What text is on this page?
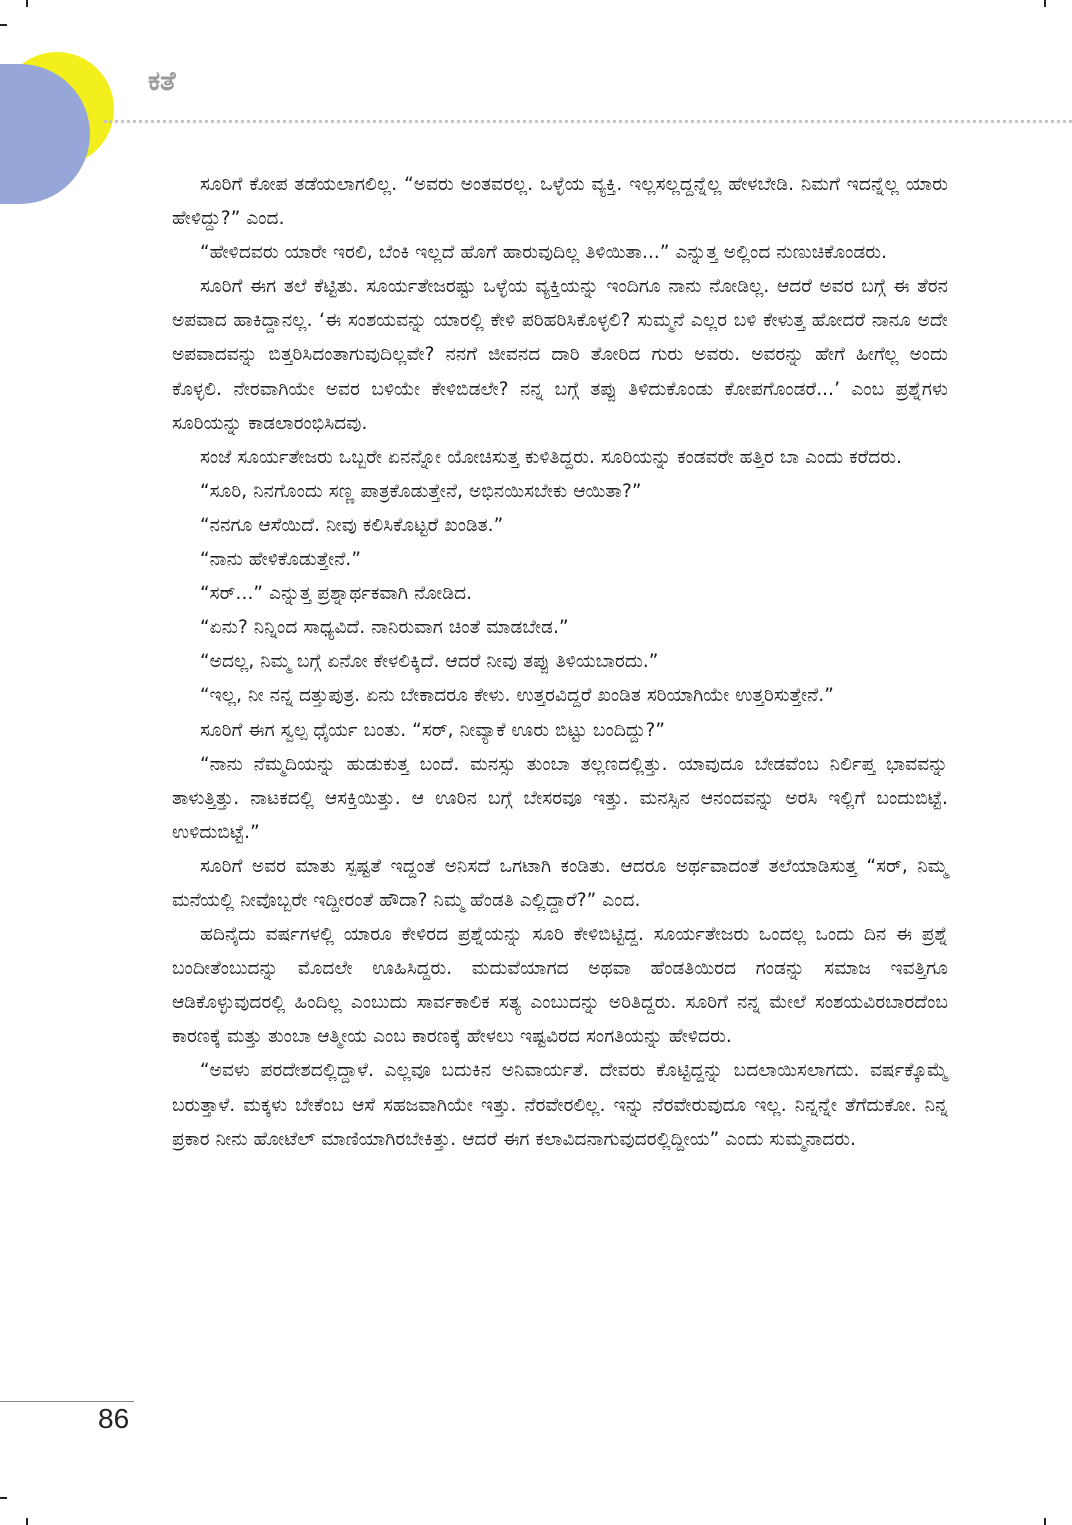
ಕತೆ

ಸೂರಿಗೆ ಕೋಪ ತಡೆಯಲಾಗಲಿಲ್ಲ. “ಅವರು ಅಂತವರಲ್ಲ. ಒಳ್ಳೆಯ ವ್ಯಕ್ತಿ. ಇಲ್ಲಸಲ್ಲದ್ದನ್ನೆಲ್ಲ ಹೇಳಬೇಡಿ. ನಿಮಗೆ ಇದನ್ನೆಲ್ಲ ಯಾರು ಹೇಳಿದ್ದು?” ಎಂದ.

“ಹೇಳಿದವರು ಯಾರೇ ಇರಲಿ, ಬೆಂಕಿ ಇಲ್ಲದೆ ಹೊಗೆ ಹಾರುವುದಿಲ್ಲ ತಿಳಿಯಿತಾ...” ಎನ್ನುತ್ತ ಅಲ್ಲಿಂದ ನುಣುಚಿಕೊಂಡರು.

ಸೂರಿಗೆ ಈಗ ತಲೆ ಕೆಟ್ಟಿತು. ಸೂರ್ಯತೇಜರಷ್ಟು ಒಳ್ಳೆಯ ವ್ಯಕ್ತಿಯನ್ನು ಇಂದಿಗೂ ನಾನು ನೋಡಿಲ್ಲ. ಆದರೆ ಅವರ ಬಗ್ಗೆ ಈ ತೆರನ ಅಪವಾದ ಹಾಕಿದ್ದಾನಲ್ಲ. ‘ಈ ಸಂಶಯವನ್ನು ಯಾರಲ್ಲಿ ಕೇಳಿ ಪರಿಹರಿಸಿಕೊಳ್ಳಲಿ? ಸುಮ್ಮನೆ ಎಲ್ಲರ ಬಳಿ ಕೇಳುತ್ತ ಹೋದರೆ ನಾನೂ ಅದೇ ಅಪವಾದವನ್ನು ಬಿತ್ತರಿಸಿದಂತಾಗುವುದಿಲ್ಲವೇ? ನನಗೆ ಜೀವನದ ದಾರಿ ತೋರಿದ ಗುರು ಅವರು. ಅವರನ್ನು ಹೇಗೆ ಹೀಗೆಲ್ಲ ಅಂದು ಕೊಳ್ಳಲಿ. ನೇರವಾಗಿಯೇ ಅವರ ಬಳಿಯೇ ಕೇಳಿಬಿಡಲೇ? ನನ್ನ ಬಗ್ಗೆ ತಪ್ಪು ತಿಳಿದುಕೊಂಡು ಕೋಪಗೊಂಡರೆ...’ ಎಂಬ ಪ್ರಶ್ನೆಗಳು ಸೂರಿಯನ್ನು ಕಾಡಲಾರಂಭಿಸಿದವು.

ಸಂಜೆ ಸೂರ್ಯತೇಜರು ಒಬ್ಬರೇ ಏನನ್ನೋ ಯೋಚಿಸುತ್ತ ಕುಳಿತಿದ್ದರು. ಸೂರಿಯನ್ನು ಕಂಡವರೇ ಹತ್ತಿರ ಬಾ ಎಂದು ಕರೆದರು.

“ಸೂರಿ, ನಿನಗೊಂದು ಸಣ್ಣ ಪಾತ್ರಕೊಡುತ್ತೇನೆ, ಅಭಿನಯಿಸಬೇಕು ಆಯಿತಾ?”

“ನನಗೂ ಆಸೆಯಿದೆ. ನೀವು ಕಲಿಸಿಕೊಟ್ಟರೆ ಖಂಡಿತ.”

“ನಾನು ಹೇಳಿಕೊಡುತ್ತೇನೆ.”

“ಸರ್...” ಎನ್ನುತ್ತ ಪ್ರಶ್ನಾರ್ಥಕವಾಗಿ ನೋಡಿದ.

“ಏನು? ನಿನ್ನಿಂದ ಸಾಧ್ಯವಿದೆ. ನಾನಿರುವಾಗ ಚಿಂತೆ ಮಾಡಬೇಡ.”

“ಅದಲ್ಲ, ನಿಮ್ಮ ಬಗ್ಗೆ ಏನೋ ಕೇಳಲಿಕ್ಕಿದೆ. ಆದರೆ ನೀವು ತಪ್ಪು ತಿಳಿಯಬಾರದು.”

“ಇಲ್ಲ, ನೀ ನನ್ನ ದತ್ತುಪುತ್ರ. ಏನು ಬೇಕಾದರೂ ಕೇಳು. ಉತ್ತರವಿದ್ದರೆ ಖಂಡಿತ ಸರಿಯಾಗಿಯೇ ಉತ್ತರಿಸುತ್ತೇನೆ.”

ಸೂರಿಗೆ ಈಗ ಸ್ವಲ್ಪ ಧೈರ್ಯ ಬಂತು. “ಸರ್, ನೀವ್ಯಾಕೆ ಊರು ಬಿಟ್ಟು ಬಂದಿದ್ದು?”

“ನಾನು ನೆಮ್ಮದಿಯನ್ನು ಹುಡುಕುತ್ತ ಬಂದೆ. ಮನಸ್ಸು ತುಂಬಾ ತಲ್ಲಣದಲ್ಲಿತ್ತು. ಯಾವುದೂ ಬೇಡವೆಂಬ ನಿರ್ಲಿಪ್ತ ಭಾವವನ್ನು ತಾಳುತ್ತಿತ್ತು. ನಾಟಕದಲ್ಲಿ ಆಸಕ್ತಿಯಿತ್ತು. ಆ ಊರಿನ ಬಗ್ಗೆ ಬೇಸರವೂ ಇತ್ತು. ಮನಸ್ಸಿನ ಆನಂದವನ್ನು ಅರಸಿ ಇಲ್ಲಿಗೆ ಬಂದುಬಿಟ್ಟೆ. ಉಳಿದುಬಿಟ್ಟೆ.”

ಸೂರಿಗೆ ಅವರ ಮಾತು ಸ್ಪಷ್ಟತೆ ಇದ್ದಂತೆ ಅನಿಸದೆ ಒಗಟಾಗಿ ಕಂಡಿತು. ಆದರೂ ಅರ್ಥವಾದಂತೆ ತಲೆಯಾಡಿಸುತ್ತ “ಸರ್, ನಿಮ್ಮ ಮನೆಯಲ್ಲಿ ನೀವೊಬ್ಬರೇ ಇದ್ದೀರಂತೆ ಹೌದಾ? ನಿಮ್ಮ ಹೆಂಡತಿ ಎಲ್ಲಿದ್ದಾರೆ?” ಎಂದ.

ಹದಿನೈದು ವರ್ಷಗಳಲ್ಲಿ ಯಾರೂ ಕೇಳಿರದ ಪ್ರಶ್ನೆಯನ್ನು ಸೂರಿ ಕೇಳಿಬಿಟ್ಟಿದ್ದ. ಸೂರ್ಯತೇಜರು ಒಂದಲ್ಲ ಒಂದು ದಿನ ಈ ಪ್ರಶ್ನೆ ಬಂದೀತೆಂಬುದನ್ನು ಮೊದಲೇ ಊಹಿಸಿದ್ದರು. ಮದುವೆಯಾಗದ ಅಥವಾ ಹೆಂಡತಿಯಿರದ ಗಂಡನ್ನು ಸಮಾಜ ಇವತ್ತಿಗೂ ಆಡಿಕೊಳ್ಳುವುದರಲ್ಲಿ ಹಿಂದಿಲ್ಲ ಎಂಬುದು ಸಾರ್ವಕಾಲಿಕ ಸತ್ಯ ಎಂಬುದನ್ನು ಅರಿತಿದ್ದರು. ಸೂರಿಗೆ ನನ್ನ ಮೇಲೆ ಸಂಶಯವಿರಬಾರದೆಂಬ ಕಾರಣಕ್ಕೆ ಮತ್ತು ತುಂಬಾ ಆತ್ಮೀಯ ಎಂಬ ಕಾರಣಕ್ಕೆ ಹೇಳಲು ಇಷ್ಟವಿರದ ಸಂಗತಿಯನ್ನು ಹೇಳಿದರು.

“ಅವಳು ಪರದೇಶದಲ್ಲಿದ್ದಾಳೆ. ಎಲ್ಲವೂ ಬದುಕಿನ ಅನಿವಾರ್ಯತೆ. ದೇವರು ಕೊಟ್ಟಿದ್ದನ್ನು ಬದಲಾಯಿಸಲಾಗದು. ವರ್ಷಕ್ಕೊಮ್ಮೆ ಬರುತ್ತಾಳೆ. ಮಕ್ಕಳು ಬೇಕೆಂಬ ಆಸೆ ಸಹಜವಾಗಿಯೇ ಇತ್ತು. ನೆರವೇರಲಿಲ್ಲ. ಇನ್ನು ನೆರವೇರುವುದೂ ಇಲ್ಲ. ನಿನ್ನನ್ನೇ ತೆಗೆದುಕೋ. ನಿನ್ನ ಪ್ರಕಾರ ನೀನು ಹೋಟೆಲ್ ಮಾಣಿಯಾಗಿರಬೇಕಿತ್ತು. ಆದರೆ ಈಗ ಕಲಾವಿದನಾಗುವುದರಲ್ಲಿದ್ದೀಯ” ಎಂದು ಸುಮ್ಮನಾದರು.

86
